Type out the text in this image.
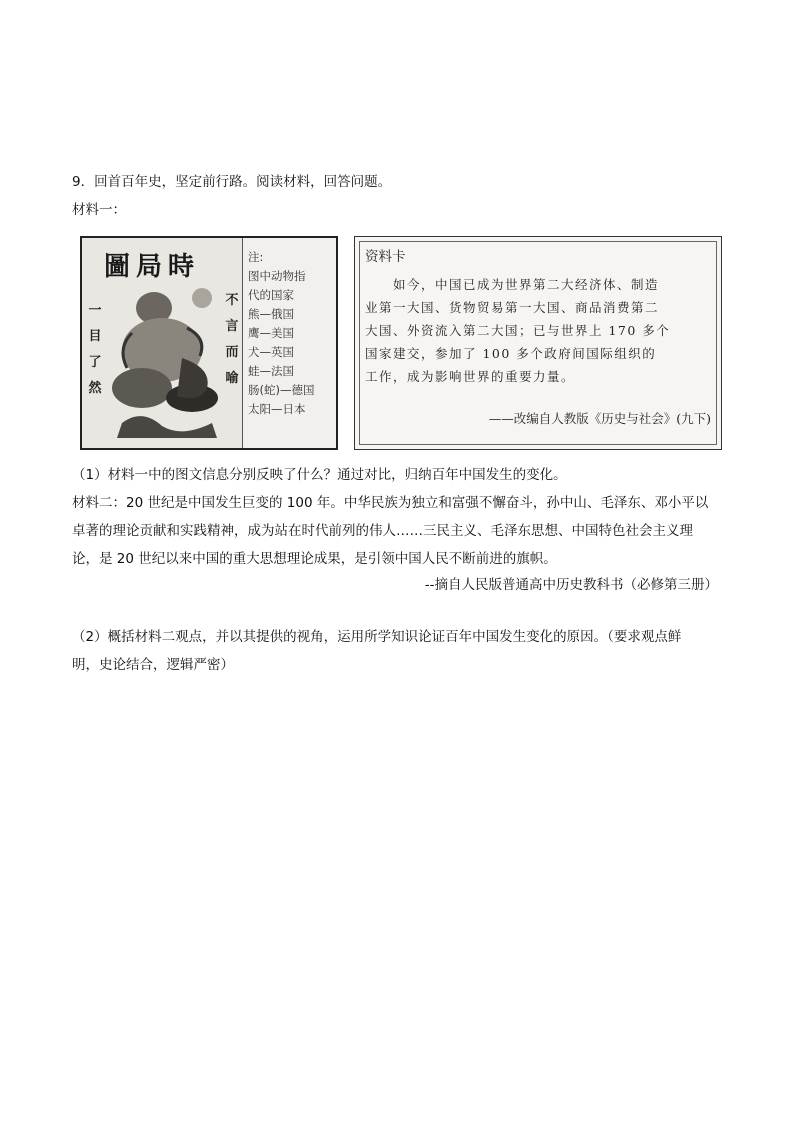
9．回首百年史，坚定前行路。阅读材料，回答问题。
材料一：
圖局時
一目了然
不言而喻
注:
图中动物指
代的国家
熊—俄国
鹰—美国
犬—英国
蛙—法国
肠(蛇)—德国
太阳—日本
资料卡
如今，中国已成为世界第二大经济体、制造
业第一大国、货物贸易第一大国、商品消费第二
大国、外资流入第二大国；已与世界上 170 多个
国家建交，参加了 100 多个政府间国际组织的
工作，成为影响世界的重要力量。
——改编自人教版《历史与社会》(九下)
（1）材料一中的图文信息分别反映了什么？通过对比，归纳百年中国发生的变化。
材料二：20 世纪是中国发生巨变的 100 年。中华民族为独立和富强不懈奋斗，孙中山、毛泽东、邓小平以
卓著的理论贡献和实践精神，成为站在时代前列的伟人……三民主义、毛泽东思想、中国特色社会主义理
论，是 20 世纪以来中国的重大思想理论成果，是引领中国人民不断前进的旗帜。
--摘自人民版普通高中历史教科书（必修第三册）
（2）概括材料二观点，并以其提供的视角，运用所学知识论证百年中国发生变化的原因。（要求观点鲜
明，史论结合，逻辑严密）
